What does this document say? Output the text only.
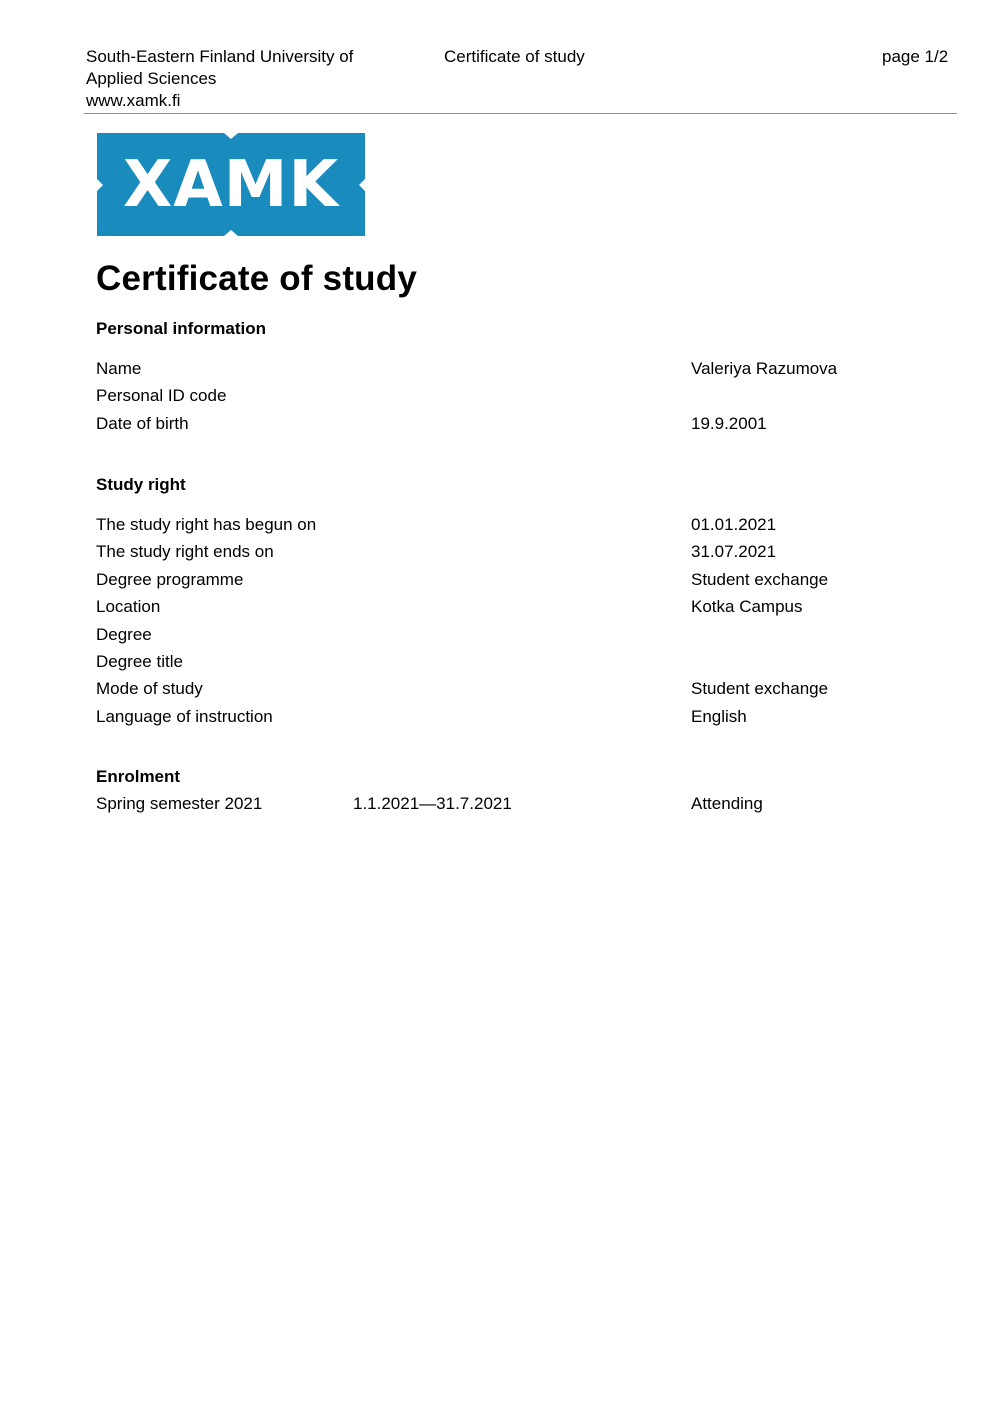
South-Eastern Finland University of
Applied Sciences
www.xamk.fi
Certificate of study	page 1/2
XAMK
Certificate of study
Personal information
Name	Valeriya Razumova
Personal ID code
Date of birth	19.9.2001
Study right
The study right has begun on	01.01.2021
The study right ends on	31.07.2021
Degree programme	Student exchange
Location	Kotka Campus
Degree
Degree title
Mode of study	Student exchange
Language of instruction	English
Enrolment
Spring semester 2021	1.1.2021—31.7.2021	Attending
